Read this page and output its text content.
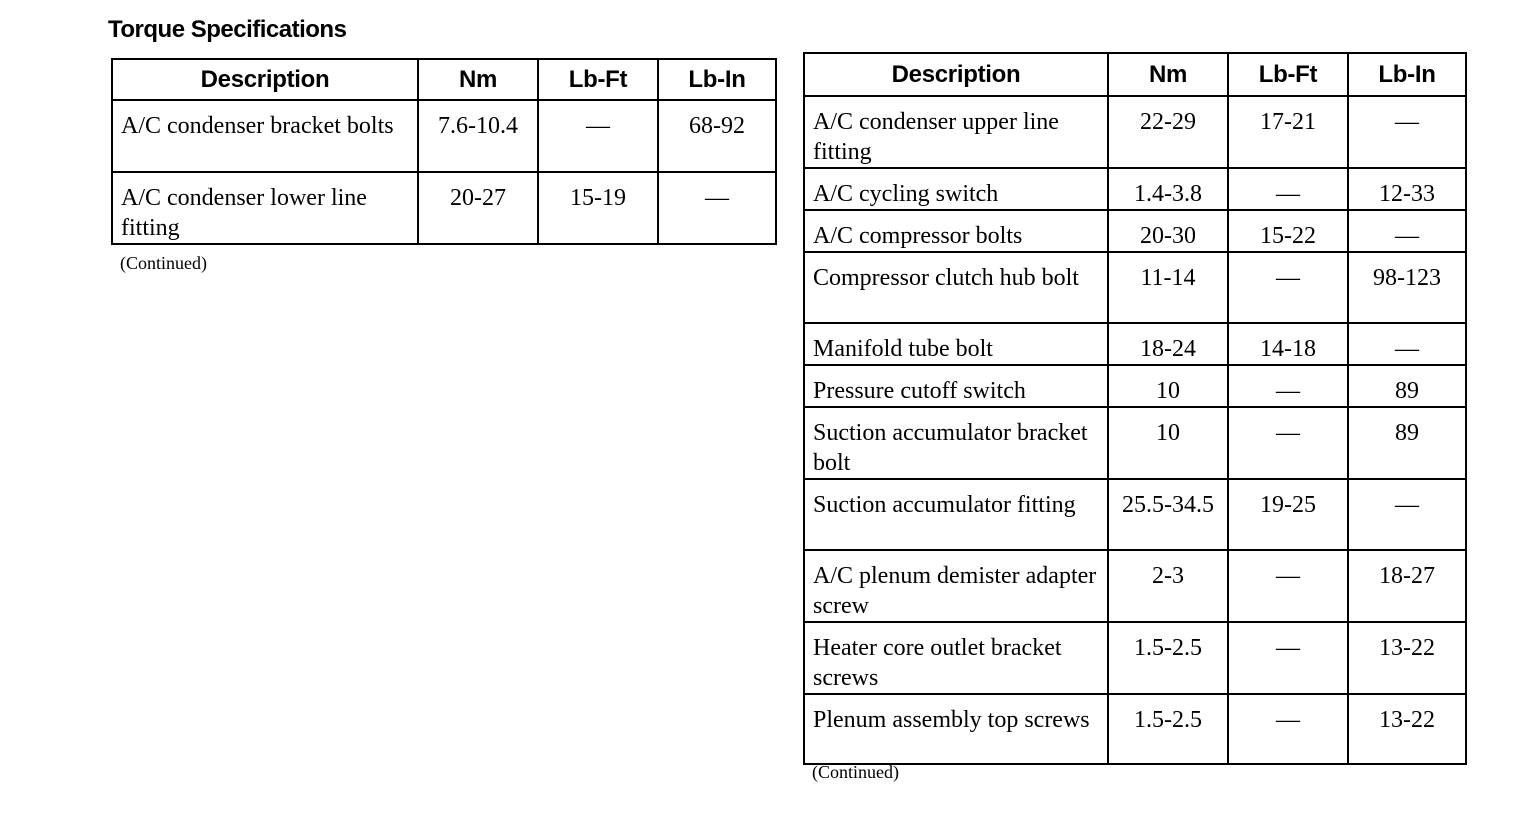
Torque Specifications
Description	Nm	Lb-Ft	Lb-In
A/C condenser bracket bolts	7.6-10.4	—	68-92
A/C condenser lower line fitting	20-27	15-19	—
(Continued)
Description	Nm	Lb-Ft	Lb-In
A/C condenser upper line fitting	22-29	17-21	—
A/C cycling switch	1.4-3.8	—	12-33
A/C compressor bolts	20-30	15-22	—
Compressor clutch hub bolt	11-14	—	98-123
Manifold tube bolt	18-24	14-18	—
Pressure cutoff switch	10	—	89
Suction accumulator bracket bolt	10	—	89
Suction accumulator fitting	25.5-34.5	19-25	—
A/C plenum demister adapter screw	2-3	—	18-27
Heater core outlet bracket screws	1.5-2.5	—	13-22
Plenum assembly top screws	1.5-2.5	—	13-22
(Continued)
